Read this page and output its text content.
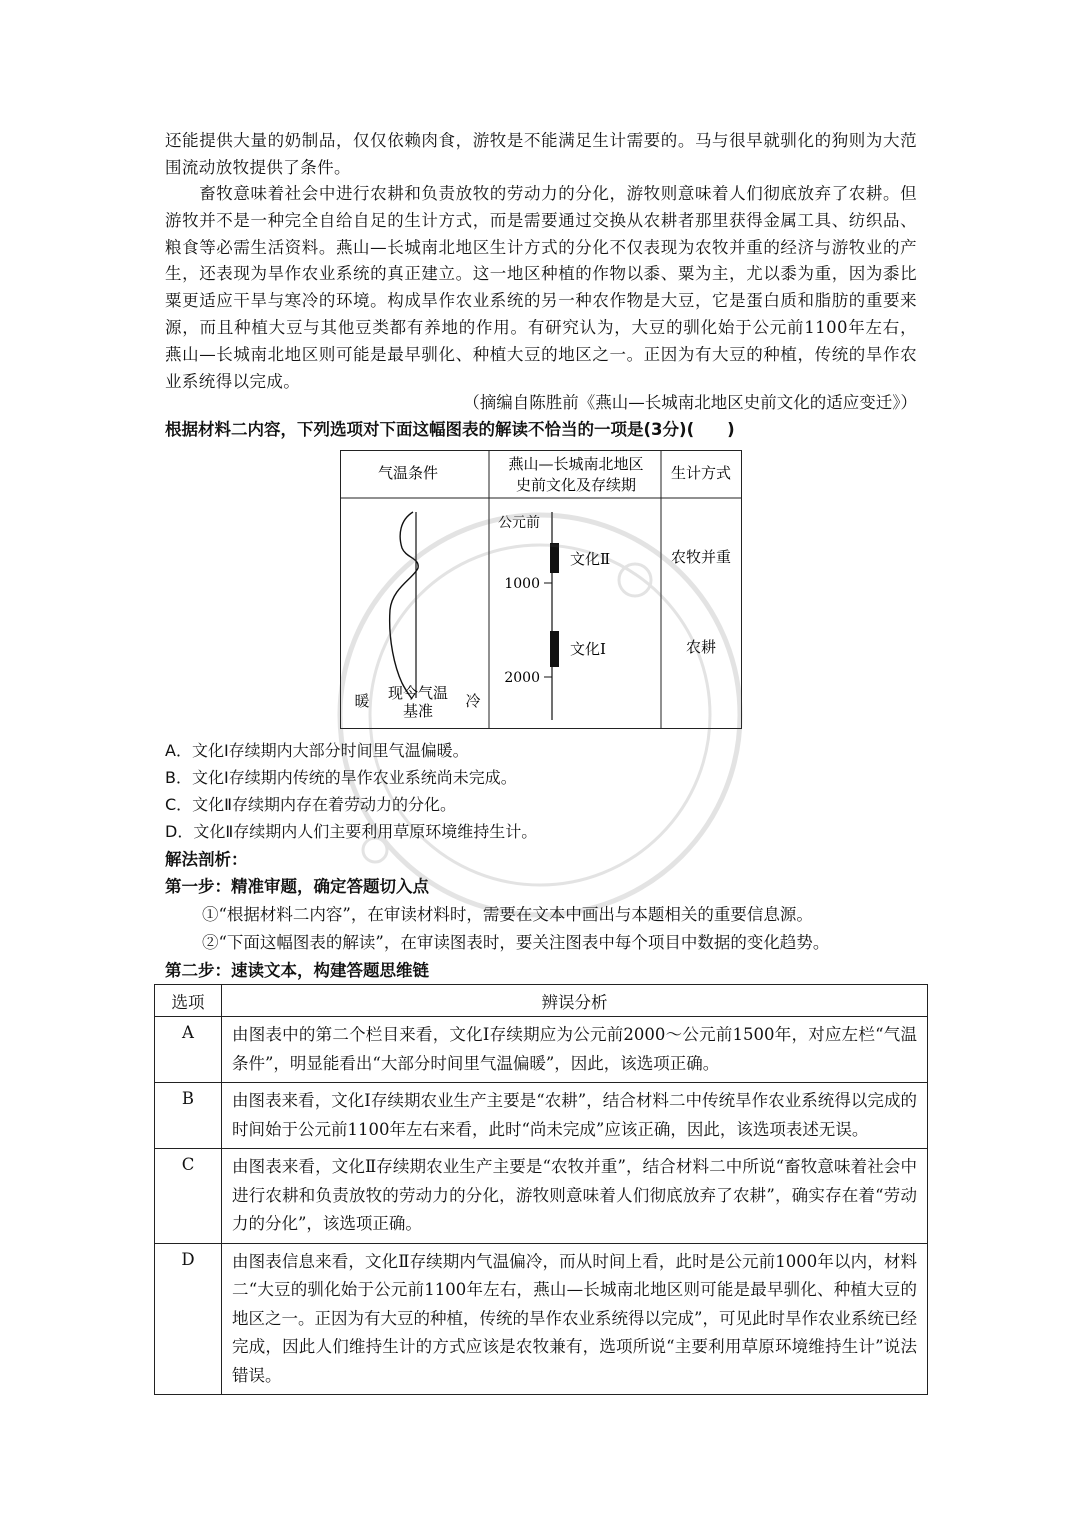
还能提供大量的奶制品，仅仅依赖肉食，游牧是不能满足生计需要的。马与很早就驯化的狗则为大范围流动放牧提供了条件。
畜牧意味着社会中进行农耕和负责放牧的劳动力的分化，游牧则意味着人们彻底放弃了农耕。但游牧并不是一种完全自给自足的生计方式，而是需要通过交换从农耕者那里获得金属工具、纺织品、粮食等必需生活资料。燕山—长城南北地区生计方式的分化不仅表现为农牧并重的经济与游牧业的产生，还表现为旱作农业系统的真正建立。这一地区种植的作物以黍、粟为主，尤以黍为重，因为黍比粟更适应干旱与寒冷的环境。构成旱作农业系统的另一种农作物是大豆，它是蛋白质和脂肪的重要来源，而且种植大豆与其他豆类都有养地的作用。有研究认为，大豆的驯化始于公元前1100年左右，燕山—长城南北地区则可能是最早驯化、种植大豆的地区之一。正因为有大豆的种植，传统的旱作农业系统得以完成。
（摘编自陈胜前《燕山—长城南北地区史前文化的适应变迁》）
根据材料二内容，下列选项对下面这幅图表的解读不恰当的一项是(3分)(　　)
气温条件	燕山—长城南北地区
史前文化及存续期
生计方式
暖 现今气温
基准
冷
公元前
1000
2000
文化Ⅱ
文化Ⅰ
农牧并重
农耕
A．文化Ⅰ存续期内大部分时间里气温偏暖。
B．文化Ⅰ存续期内传统的旱作农业系统尚未完成。
C．文化Ⅱ存续期内存在着劳动力的分化。
D．文化Ⅱ存续期内人们主要利用草原环境维持生计。
解法剖析：
第一步：精准审题，确定答题切入点
①“根据材料二内容”，在审读材料时，需要在文本中画出与本题相关的重要信息源。
②“下面这幅图表的解读”，在审读图表时，要关注图表中每个项目中数据的变化趋势。
第二步：速读文本，构建答题思维链
选项	辨误分析
A	由图表中的第二个栏目来看，文化Ⅰ存续期应为公元前2000～公元前1500年，对应左栏“气温条件”，明显能看出“大部分时间里气温偏暖”，因此，该选项正确。
B	由图表来看，文化Ⅰ存续期农业生产主要是“农耕”，结合材料二中传统旱作农业系统得以完成的时间始于公元前1100年左右来看，此时“尚未完成”应该正确，因此，该选项表述无误。
C	由图表来看，文化Ⅱ存续期农业生产主要是“农牧并重”，结合材料二中所说“畜牧意味着社会中进行农耕和负责放牧的劳动力的分化，游牧则意味着人们彻底放弃了农耕”，确实存在着“劳动力的分化”，该选项正确。
D	由图表信息来看，文化Ⅱ存续期内气温偏冷，而从时间上看，此时是公元前1000年以内，材料二“大豆的驯化始于公元前1100年左右，燕山—长城南北地区则可能是最早驯化、种植大豆的地区之一。正因为有大豆的种植，传统的旱作农业系统得以完成”，可见此时旱作农业系统已经完成，因此人们维持生计的方式应该是农牧兼有，选项所说“主要利用草原环境维持生计”说法错误。
